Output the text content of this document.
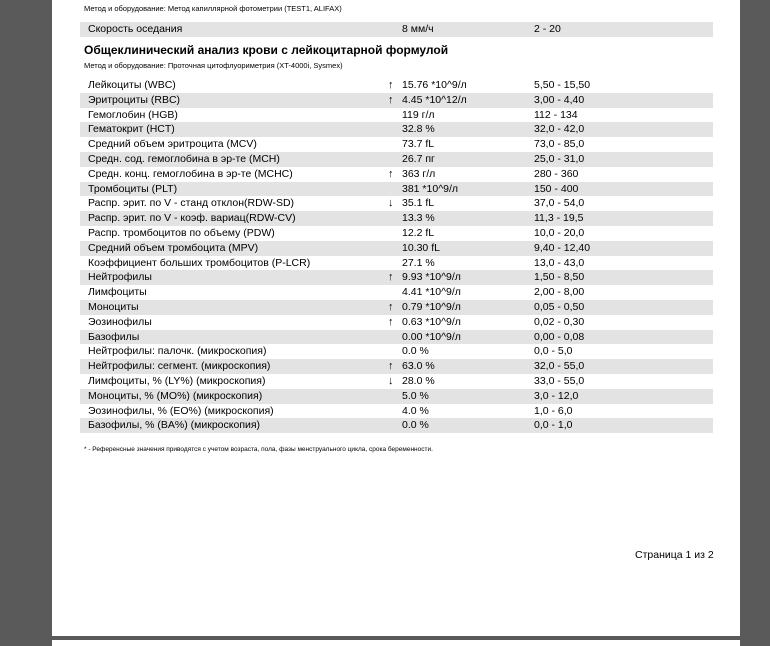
Метод и оборудование: Метод капиллярной фотометрии (TEST1, ALIFAX)
Скорость оседания	8 мм/ч	2 - 20
Общеклинический анализ крови с лейкоцитарной формулой
Метод и оборудование: Проточная цитофлуориметрия (XT-4000i, Sysmex)
Лейкоциты (WBC)	↑ 15.76 *10^9/л	5,50 - 15,50
Эритроциты (RBC)	↑ 4.45 *10^12/л	3,00 - 4,40
Гемоглобин (HGB)	119 г/л	112 - 134
Гематокрит (HCT)	32.8 %	32,0 - 42,0
Средний объем эритроцита (MCV)	73.7 fL	73,0 - 85,0
Средн. сод. гемоглобина в эр-те (MCH)	26.7 пг	25,0 - 31,0
Средн. конц. гемоглобина в эр-те (MCHC)	↑ 363 г/л	280 - 360
Тромбоциты (PLT)	381 *10^9/л	150 - 400
Распр. эрит. по V - станд отклон(RDW-SD)	↓ 35.1 fL	37,0 - 54,0
Распр. эрит. по V - коэф. вариац(RDW-CV)	13.3 %	11,3 - 19,5
Распр. тромбоцитов по объему (PDW)	12.2 fL	10,0 - 20,0
Средний объем тромбоцита (MPV)	10.30 fL	9,40 - 12,40
Коэффициент больших тромбоцитов (P-LCR)	27.1 %	13,0 - 43,0
Нейтрофилы	↑ 9.93 *10^9/л	1,50 - 8,50
Лимфоциты	4.41 *10^9/л	2,00 - 8,00
Моноциты	↑ 0.79 *10^9/л	0,05 - 0,50
Эозинофилы	↑ 0.63 *10^9/л	0,02 - 0,30
Базофилы	0.00 *10^9/л	0,00 - 0,08
Нейтрофилы: палочк. (микроскопия)	0.0 %	0,0 - 5,0
Нейтрофилы: сегмент. (микроскопия)	↑ 63.0 %	32,0 - 55,0
Лимфоциты, % (LY%) (микроскопия)	↓ 28.0 %	33,0 - 55,0
Моноциты, % (MO%) (микроскопия)	5.0 %	3,0 - 12,0
Эозинофилы, % (EO%) (микроскопия)	4.0 %	1,0 - 6,0
Базофилы, % (BA%) (микроскопия)	0.0 %	0,0 - 1,0
* - Референсные значения приводятся с учетом возраста, пола, фазы менструального цикла, срока беременности.
Страница 1 из 2
